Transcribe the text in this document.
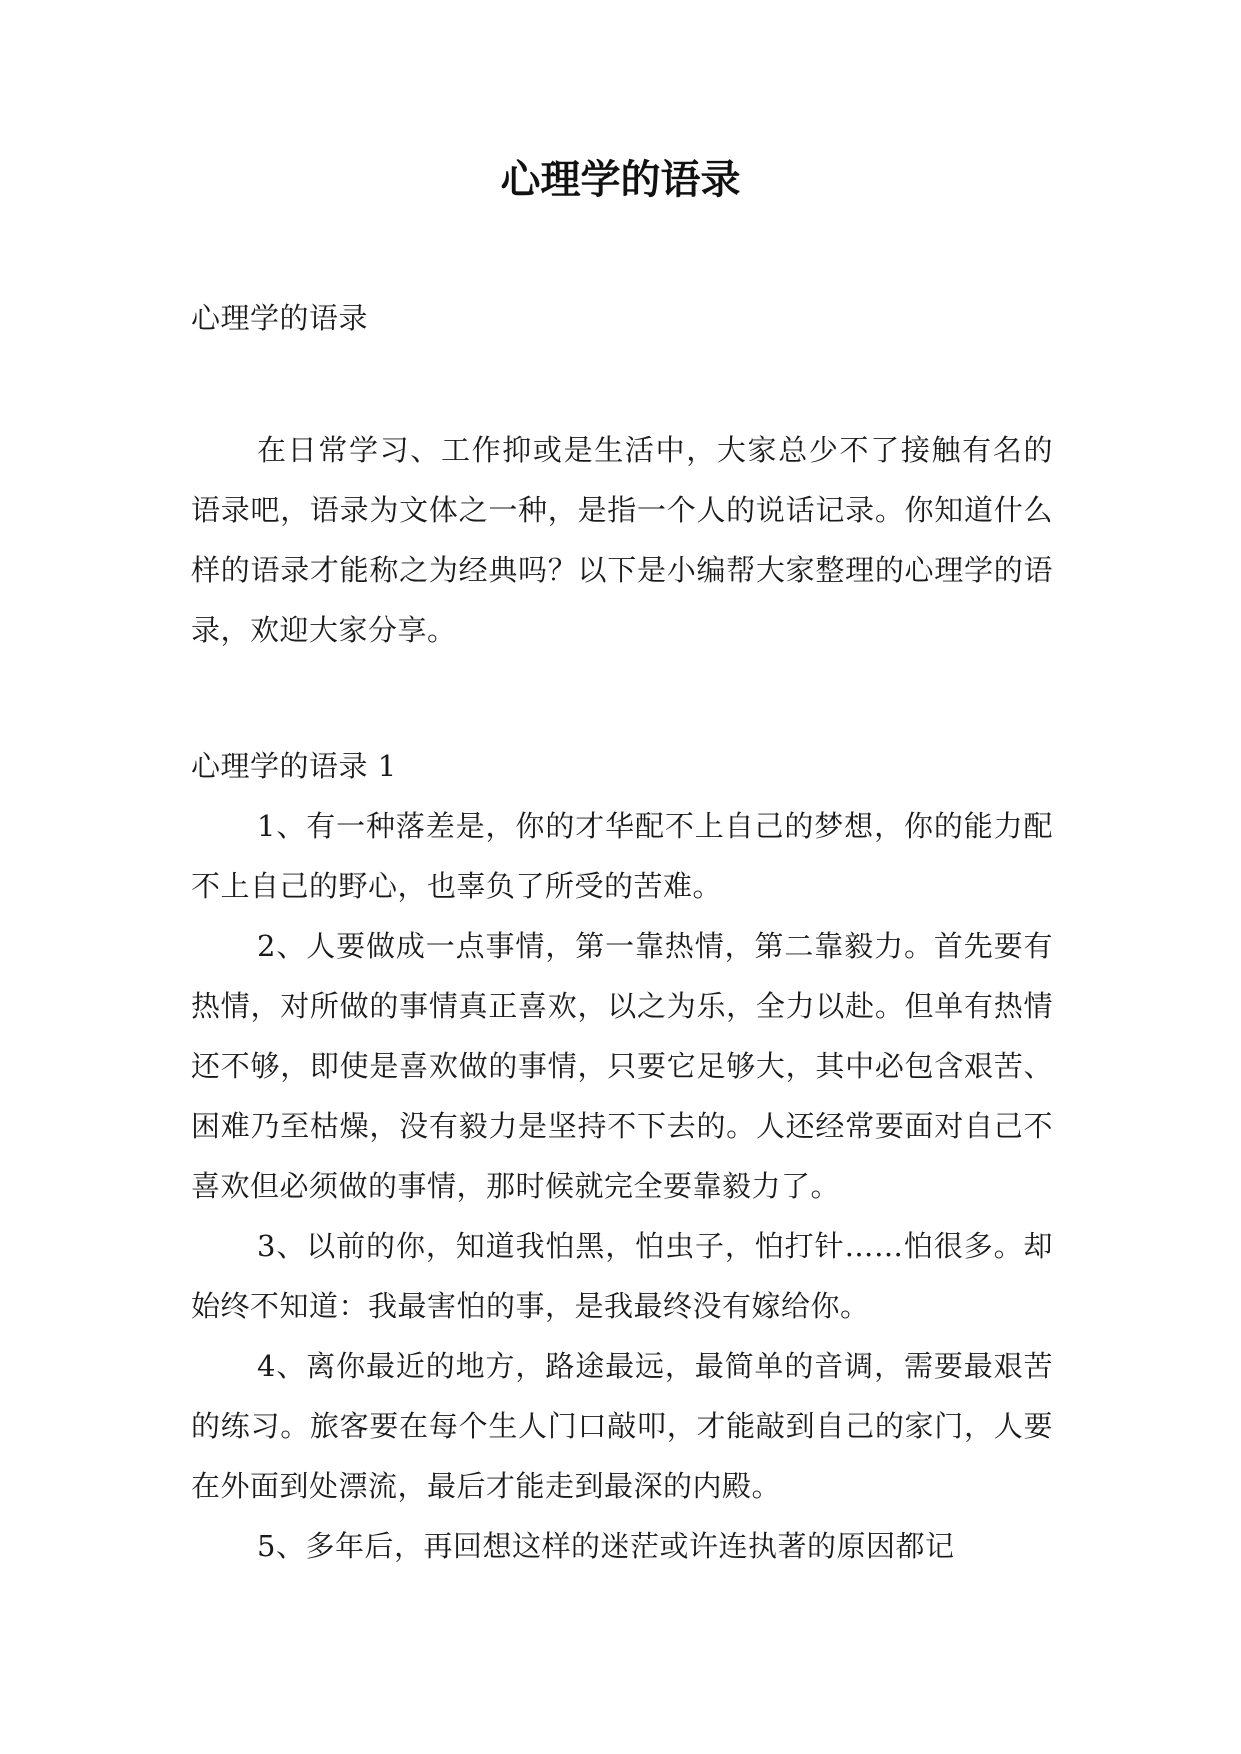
心理学的语录

心理学的语录

在日常学习、工作抑或是生活中，大家总少不了接触有名的语录吧，语录为文体之一种，是指一个人的说话记录。你知道什么样的语录才能称之为经典吗？以下是小编帮大家整理的心理学的语录，欢迎大家分享。

心理学的语录 1

1、有一种落差是，你的才华配不上自己的梦想，你的能力配不上自己的野心，也辜负了所受的苦难。

2、人要做成一点事情，第一靠热情，第二靠毅力。首先要有热情，对所做的事情真正喜欢，以之为乐，全力以赴。但单有热情还不够，即使是喜欢做的事情，只要它足够大，其中必包含艰苦、困难乃至枯燥，没有毅力是坚持不下去的。人还经常要面对自己不喜欢但必须做的事情，那时候就完全要靠毅力了。

3、以前的你，知道我怕黑，怕虫子，怕打针……怕很多。却始终不知道：我最害怕的事，是我最终没有嫁给你。

4、离你最近的地方，路途最远，最简单的音调，需要最艰苦的练习。旅客要在每个生人门口敲叩，才能敲到自己的家门，人要在外面到处漂流，最后才能走到最深的内殿。

5、多年后，再回想这样的迷茫或许连执著的原因都记
